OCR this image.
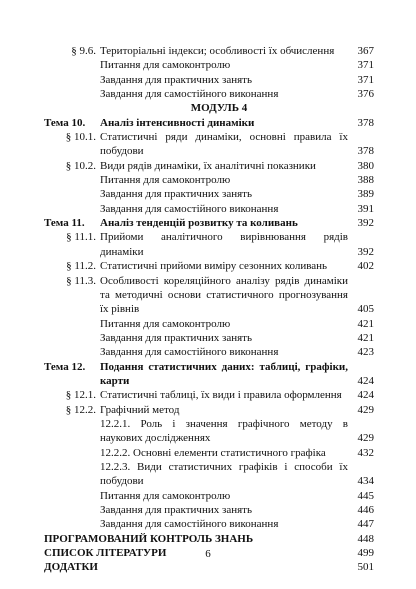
§ 9.6. Територіальні індекси; особливості їх обчислення	367
Питання для самоконтролю	371
Завдання для практичних занять	371
Завдання для самостійного виконання	376
МОДУЛЬ 4
Тема 10.	Аналіз інтенсивності динаміки	378
§ 10.1. Статистичні ряди динаміки, основні правила їх побудови	378
§ 10.2. Види рядів динаміки, їх аналітичні показники	380
Питання для самоконтролю	388
Завдання для практичних занять	389
Завдання для самостійного виконання	391
Тема 11.	Аналіз тенденцій розвитку та коливань	392
§ 11.1. Прийоми аналітичного вирівнювання рядів динаміки	392
§ 11.2. Статистичні прийоми виміру сезонних коливань	402
§ 11.3. Особливості кореляційного аналізу рядів динаміки та методичні основи статистичного прогнозування їх рівнів	405
Питання для самоконтролю	421
Завдання для практичних занять	421
Завдання для самостійного виконання	423
Тема 12.	Подання статистичних даних: таблиці, графіки, карти	424
§ 12.1. Статистичні таблиці, їх види і правила оформлення	424
§ 12.2. Графічний метод	429
12.2.1. Роль і значення графічного методу в наукових дослідженнях	429
12.2.2. Основні елементи статистичного графіка	432
12.2.3. Види статистичних графіків і способи їх побудови	434
Питання для самоконтролю	445
Завдання для практичних занять	446
Завдання для самостійного виконання	447
ПРОГРАМОВАНИЙ КОНТРОЛЬ ЗНАНЬ	448
СПИСОК ЛІТЕРАТУРИ	499
ДОДАТКИ	501
6
